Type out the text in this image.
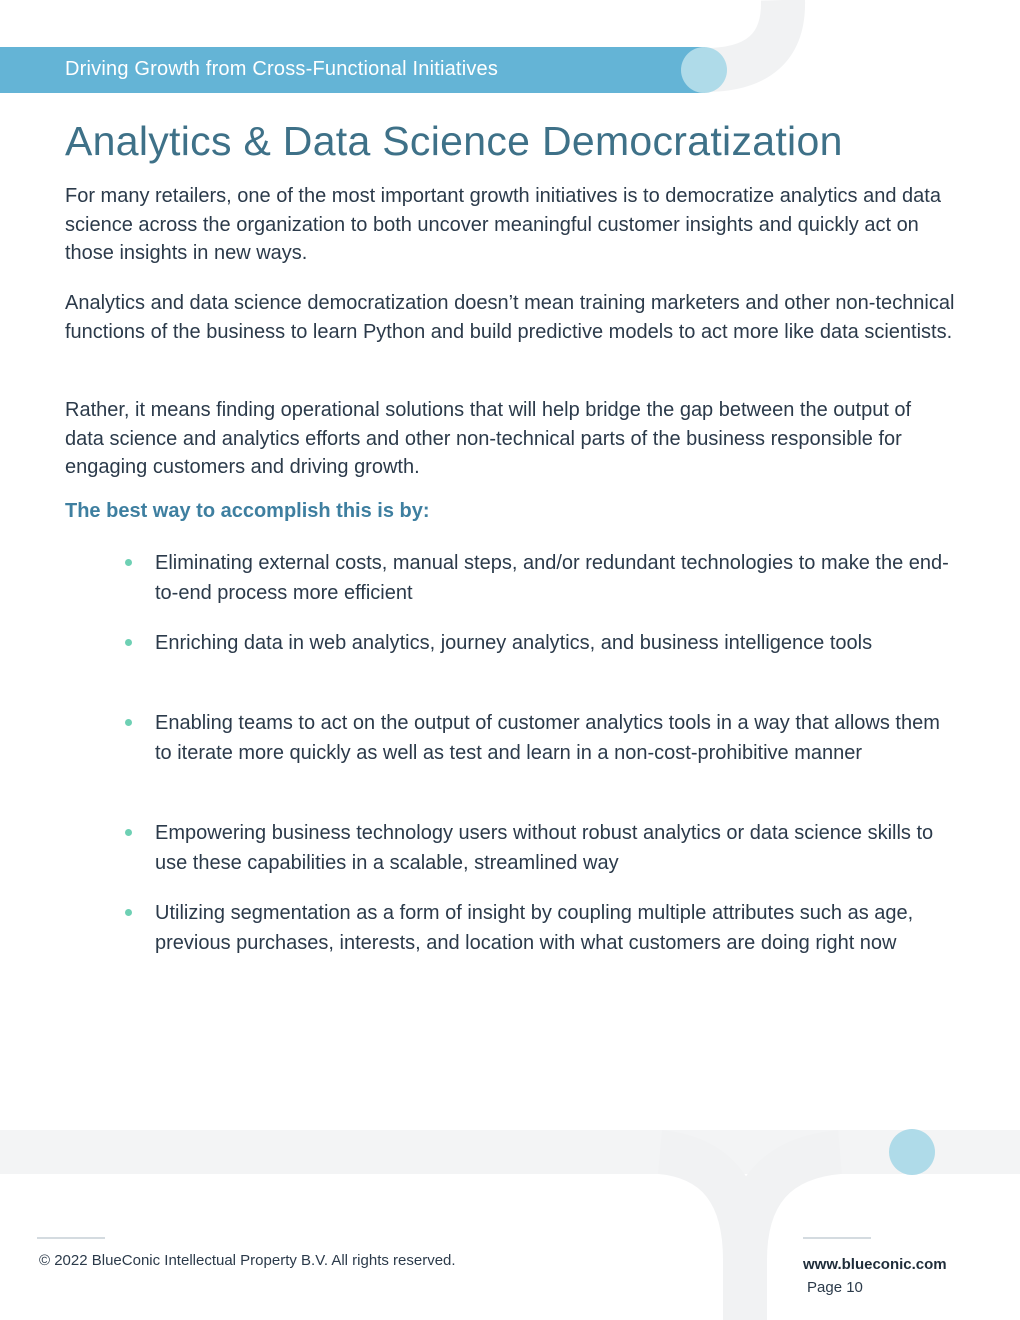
Driving Growth from Cross-Functional Initiatives
Analytics & Data Science Democratization

For many retailers, one of the most important growth initiatives is to democratize analytics and data science across the organization to both uncover meaningful customer insights and quickly act on those insights in new ways.

Analytics and data science democratization doesn’t mean training marketers and other non-technical functions of the business to learn Python and build predictive models to act more like data scientists.

Rather, it means finding operational solutions that will help bridge the gap between the output of data science and analytics efforts and other non-technical parts of the business responsible for engaging customers and driving growth.

The best way to accomplish this is by:

Eliminating external costs, manual steps, and/or redundant technologies to make the end-to-end process more efficient
Enriching data in web analytics, journey analytics, and business intelligence tools
Enabling teams to act on the output of customer analytics tools in a way that allows them to iterate more quickly as well as test and learn in a non-cost-prohibitive manner
Empowering business technology users without robust analytics or data science skills to use these capabilities in a scalable, streamlined way
Utilizing segmentation as a form of insight by coupling multiple attributes such as age, previous purchases, interests, and location with what customers are doing right now
© 2022 BlueConic Intellectual Property B.V. All rights reserved.	www.blueconic.com
Page 10
